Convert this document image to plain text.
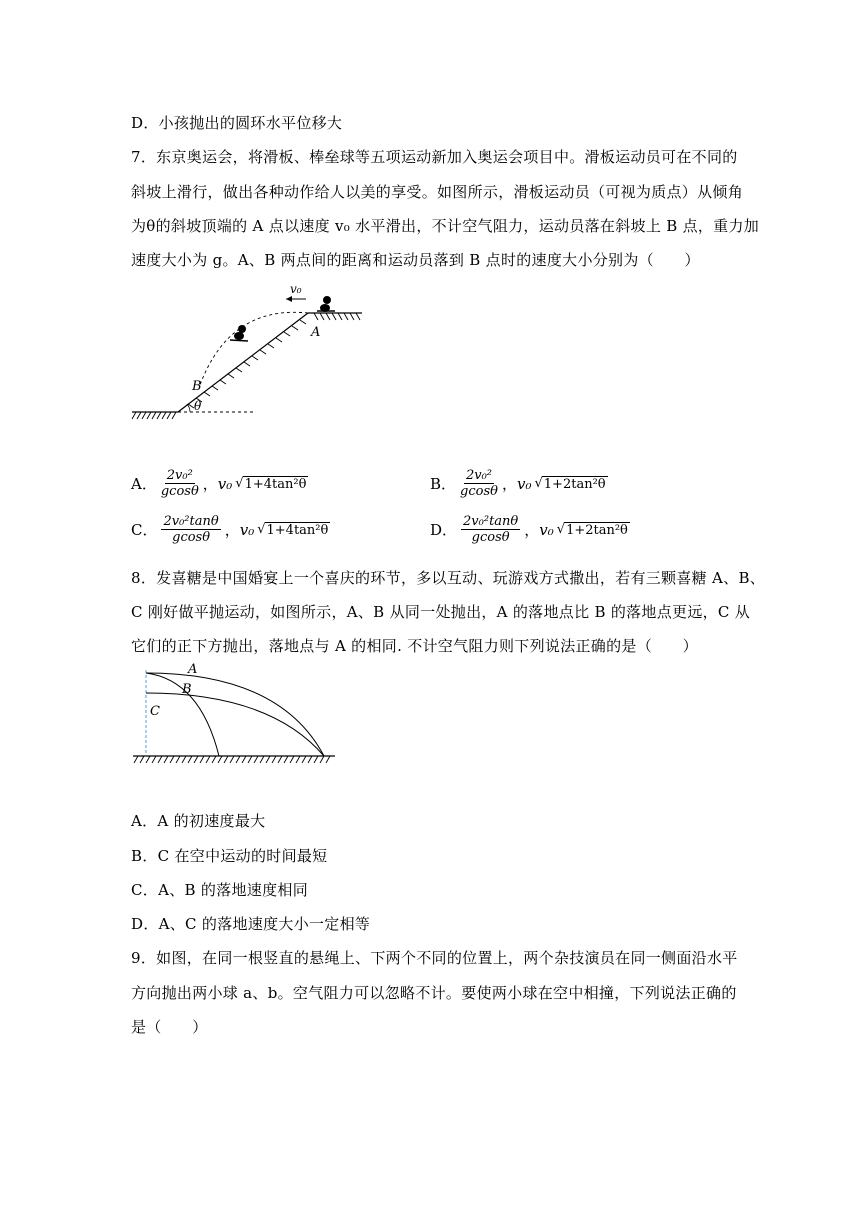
D．小孩抛出的圆环水平位移大
7．东京奥运会，将滑板、棒垒球等五项运动新加入奥运会项目中。滑板运动员可在不同的
斜坡上滑行，做出各种动作给人以美的享受。如图所示，滑板运动员（可视为质点）从倾角
为θ的斜坡顶端的 A 点以速度 v₀ 水平滑出，不计空气阻力，运动员落在斜坡上 B 点，重力加
速度大小为 g。A、B 两点间的距离和运动员落到 B 点时的速度大小分别为（　　）
v₀
A
B
θ
A． $\frac{\text{2v₀²}}{gcos\theta}$ ， v₀ √ 1+4tan²θ	B． $\frac{\text{2v₀²}}{gcos\theta}$ ， v₀ √ 1+2tan²θ
C． $\frac{\text{2v₀²tanθ}}{gcos\theta}$ ， v₀ √ 1+4tan²θ	D． $\frac{\text{2v₀²tanθ}}{gcos\theta}$ ， v₀ √ 1+2tan²θ
8．发喜糖是中国婚宴上一个喜庆的环节，多以互动、玩游戏方式撒出，若有三颗喜糖 A、B、
C 刚好做平抛运动，如图所示，A、B 从同一处抛出，A 的落地点比 B 的落地点更远，C 从
它们的正下方抛出，落地点与 A 的相同. 不计空气阻力则下列说法正确的是（　　）
A
B
C
A．A 的初速度最大
B．C 在空中运动的时间最短
C．A、B 的落地速度相同
D．A、C 的落地速度大小一定相等
9．如图，在同一根竖直的悬绳上、下两个不同的位置上，两个杂技演员在同一侧面沿水平
方向抛出两小球 a、b。空气阻力可以忽略不计。要使两小球在空中相撞，下列说法正确的
是（　　）
